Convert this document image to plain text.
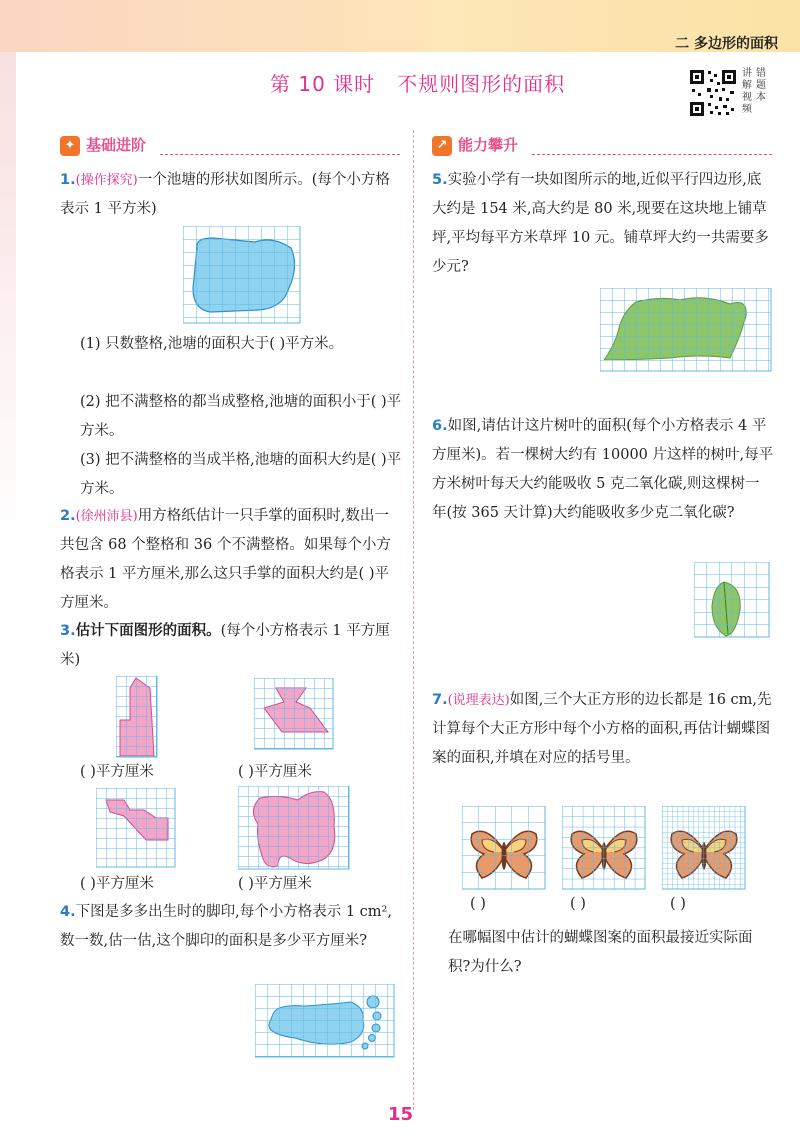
二 多边形的面积
第 10 课时 不规则图形的面积	讲解视频
错题本
✦ 基础进阶	↗ 能力攀升
1.(操作探究)一个池塘的形状如图所示。(每个小方格表示 1 平方米)
(1) 只数整格,池塘的面积大于( )平方米。
(2) 把不满整格的都当成整格,池塘的面积小于( )平方米。
(3) 把不满整格的当成半格,池塘的面积大约是( )平方米。
2.(徐州沛县)用方格纸估计一只手掌的面积时,数出一共包含 68 个整格和 36 个不满整格。如果每个小方格表示 1 平方厘米,那么这只手掌的面积大约是( )平方厘米。
3.估计下面图形的面积。(每个小方格表示 1 平方厘米)
( )平方厘米	( )平方厘米
( )平方厘米	( )平方厘米
4.下图是多多出生时的脚印,每个小方格表示 1 cm²,数一数,估一估,这个脚印的面积是多少平方厘米?
5.实验小学有一块如图所示的地,近似平行四边形,底大约是 154 米,高大约是 80 米,现要在这块地上铺草坪,平均每平方米草坪 10 元。铺草坪大约一共需要多少元?
6.如图,请估计这片树叶的面积(每个小方格表示 4 平方厘米)。若一棵树大约有 10000 片这样的树叶,每平方米树叶每天大约能吸收 5 克二氧化碳,则这棵树一年(按 365 天计算)大约能吸收多少克二氧化碳?
7.(说理表达)如图,三个大正方形的边长都是 16 cm,先计算每个大正方形中每个小方格的面积,再估计蝴蝶图案的面积,并填在对应的括号里。
( )	( )	( )
在哪幅图中估计的蝴蝶图案的面积最接近实际面积?为什么?
15
